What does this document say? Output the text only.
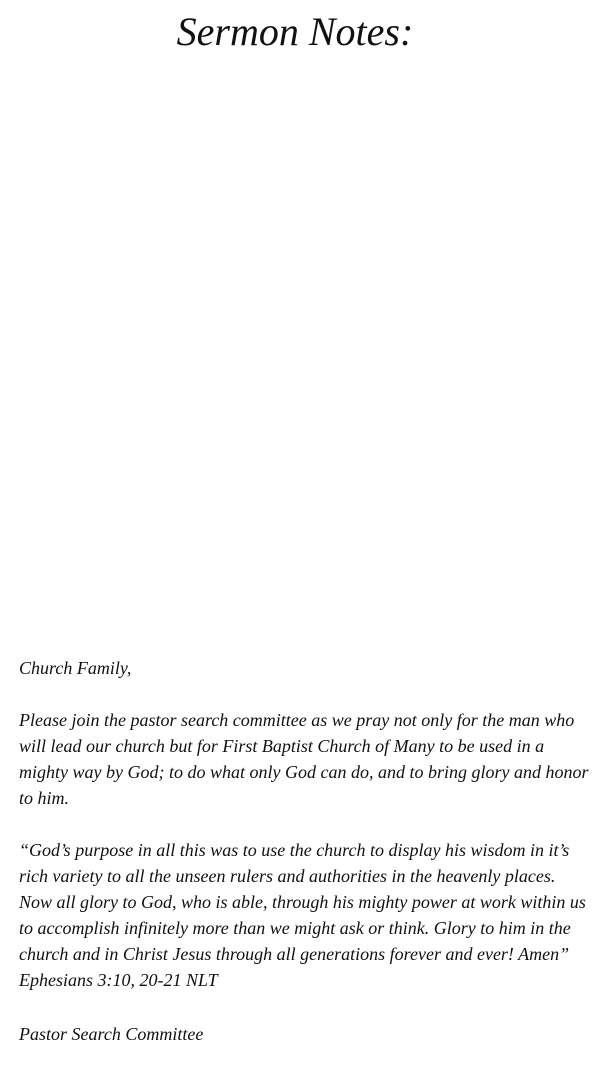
Sermon Notes:

Church Family,

Please join the pastor search committee as we pray not only for the man who will lead our church but for First Baptist Church of Many to be used in a mighty way by God; to do what only God can do, and to bring glory and honor to him.

“God’s purpose in all this was to use the church to display his wisdom in it’s rich variety to all the unseen rulers and authorities in the heavenly places. Now all glory to God, who is able, through his mighty power at work within us to accomplish infinitely more than we might ask or think. Glory to him in the church and in Christ Jesus through all generations forever and ever! Amen”

Ephesians 3:10, 20-21 NLT

Pastor Search Committee
